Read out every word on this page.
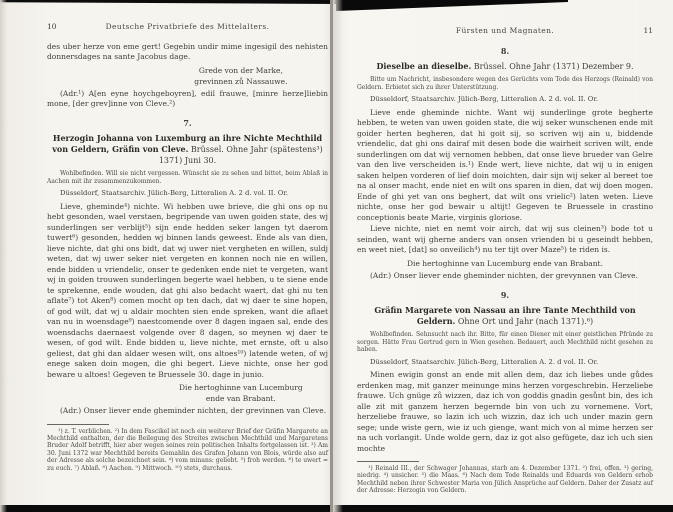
10	Deutsche Privatbriefe des Mittelalters.

des uber herze von eme gert! Gegebin undir mime ingesigil des nehisten donnersdages na sante Jacobus dage.

Grede von der Marke,
grevinnen zů Nassauwe.

(Adr.¹) A[en eyne hoychgeboyren], edil frauwe, [minre herze]liebin mone, [der grev]inne von Cleve.²)

7.

Herzogin Johanna von Luxemburg an ihre Nichte Mechthild von Geldern, Gräfin von Cleve. Brüssel. Ohne Jahr (spätestens³) 1371) Juni 30.

Wohlbefinden. Will sie nicht vergessen. Wünscht sie zu sehen und bittet, beim Ablaß in Aachen mit ihr zusammenzukommen.

Düsseldorf, Staatsarchiv. Jülich-Berg, Litteralien A. 2 d. vol. II. Or.

Lieve, gheminde⁴) nichte. Wi hebben uwe brieve, die ghi ons op nu hebt gesonden, wael verstaen, begripende van uwen goiden state, des wj sunderlingen ser verblijt⁵) sijn ende hedden seker langen tyt daerom tuwert⁶) gesonden, hedden wj binnen lands geweest. Ende als van dien, lieve nichte, dat ghi ons bidt, dat wj uwer niet vergheten en willen, suldj weten, dat wj uwer seker niet vergeten en konnen noch nie en willen, ende bidden u vriendelic, onser te gedenken ende niet te vergeten, want wj in goiden trouwen sunderlingen begerte wael hebben, u te siene ende te sprekenne, ende wouden, dat ghi also bedacht waert, dat ghi nu ten aflate⁷) tot Aken⁸) comen mocht op ten dach, dat wj daer te sine hopen, of god wilt, dat wj u aldair mochten sien ende spreken, want die aflaet van nu in woensdage⁹) naestcomende over 8 dagen ingaen sal, ende des woensdachs daernaest volgende over 8 dagen, so meynen wj daer te wesen, of god wilt. Ende bidden u, lieve nichte, met ernste, oft u also geliest, dat ghi dan aldaer wesen wilt, ons altoes¹⁰) latende weten, of wj enege saken doin mogen, die ghi begert. Lieve nichte, onse her god beware u altoes! Gegeven te Bruessele 30. dage in junio.

Die hertoghinne van Lucemburg
ende van Brabant.

(Adr.) Onser liever ende gheminder nichten, der grevinnen van Cleve.

¹) z. T. verblichen. ²) In dem Fascikel ist noch ein weiterer Brief der Gräfin Margarete an Mechthild enthalten, der die Beilegung des Streites zwischen Mechthild und Margaretens Bruder Adolf betrifft, hier aber wegen seines rein politischen Inhalts fortgelassen ist. ³) Am 30. Juni 1372 war Mechthild bereits Gemahlin des Grafen Johann von Blois, würde also auf der Adresse als solche bezeichnet sein. ⁴) vom minans: geliebt. ⁵) froh werden. ⁶) te uwert = zu euch. ⁷) Ablaß. ⁸) Aachen. ⁹) Mittwoch. ¹⁰) stets, durchaus.

Fürsten und Magnaten.	11
8.

Dieselbe an dieselbe. Brüssel. Ohne Jahr (1371) Dezember 9.

Bitte um Nachricht, insbesondere wegen des Gerüchts vom Tode des Herzogs (Reinald) von Geldern. Erbietet sich zu ihrer Unterstützung.

Düsseldorf, Staatsarchiv. Jülich-Berg, Litteralien A. 2 d. vol. II. Or.

Lieve ende gheminde nichte. Want wij sunderlinge grote begherte hebben, te weten van uwen goiden state, die wij seker wunschenen ende mit goider herten begheren, dat hi goit sij, so scriven wij ain u, biddende vriendelic, dat ghi ons dairaf mit desen bode die wairheit scriven wilt, ende sunderlingen om dat wij vernomen hebben, dat onse lieve brueder van Gelre van den live verscheiden is.¹) Ende wert, lieve nichte, dat wij u in enigen saken helpen vorderen of lief doin moichten, dair sijn wij seker al bereet toe na al onser macht, ende niet en wilt ons sparen in dien, dat wij doen mogen. Ende of ghi yet van ons beghert, dat wilt ons vrielic²) laten weten. Lieve nichte, onse her god bewair u altijt! Gegeven te Bruessele in crastino conceptionis beate Marie, virginis gloriose.

Lieve nichte, niet en nemt voir airch, dat wij sus cleinen³) bode tot u seinden, want wij gherne anders van onsen vrienden bi u geseindt hebben, en weet niet, [dat] so onveilich⁴) nu ter tijt over Maze⁵) te riden is.

Die hertoghinne van Lucemburg ende van Brabant.

(Adr.) Onser liever ende gheminder nichten, der grevynnen van Cleve.

9.

Gräfin Margarete von Nassau an ihre Tante Mechthild von Geldern. Ohne Ort und Jahr (nach 1371).⁶)

Wohlbefinden. Sehnsucht nach ihr. Bitte, für einen Diener mit einer geistlichen Pfründe zu sorgen. Hätte Frau Gertrud gern in Wien gesehen. Bedauert, auch Mechthild nicht gesehen zu haben.

Düsseldorf, Staatsarchiv. Jülich-Berg, Litteralien A. 2. d vol. II. Or.

Minen ewigin gonst an ende mit allen dem, daz ich liebes unde gůdes erdenken mag, mit ganzer meinunge mins herzen vorgeschrebin. Herzeliebe frauwe. Uch gnüge zů wizzen, daz ich von goddis gnadin gesůnt bin, des ich alle zit mit ganzem herzen begernde bin von uch zu vornemene. Vort, herzeliebe frauwe, so lazin ich uch wizzin, daz ich uch under mazin gern sege; unde wiste gern, wie iz uch gienge, want mich von al mime herzen ser na uch vorlangit. Unde wolde gern, daz iz got also gefügete, daz ich uch sien mochte

¹) Reinald III., der Schwager Johannas, starb am 4. Dezember 1371. ²) frei, offen. ³) gering, niedrig. ⁴) unsicher. ⁵) die Maas. ⁶) Nach dem Tode Reinalds und Eduards von Geldern erhob Mechthild neben ihrer Schwester Maria von Jülich Ansprüche auf Geldern. Daher der Zusatz auf der Adresse: Herzogin von Geldern.
